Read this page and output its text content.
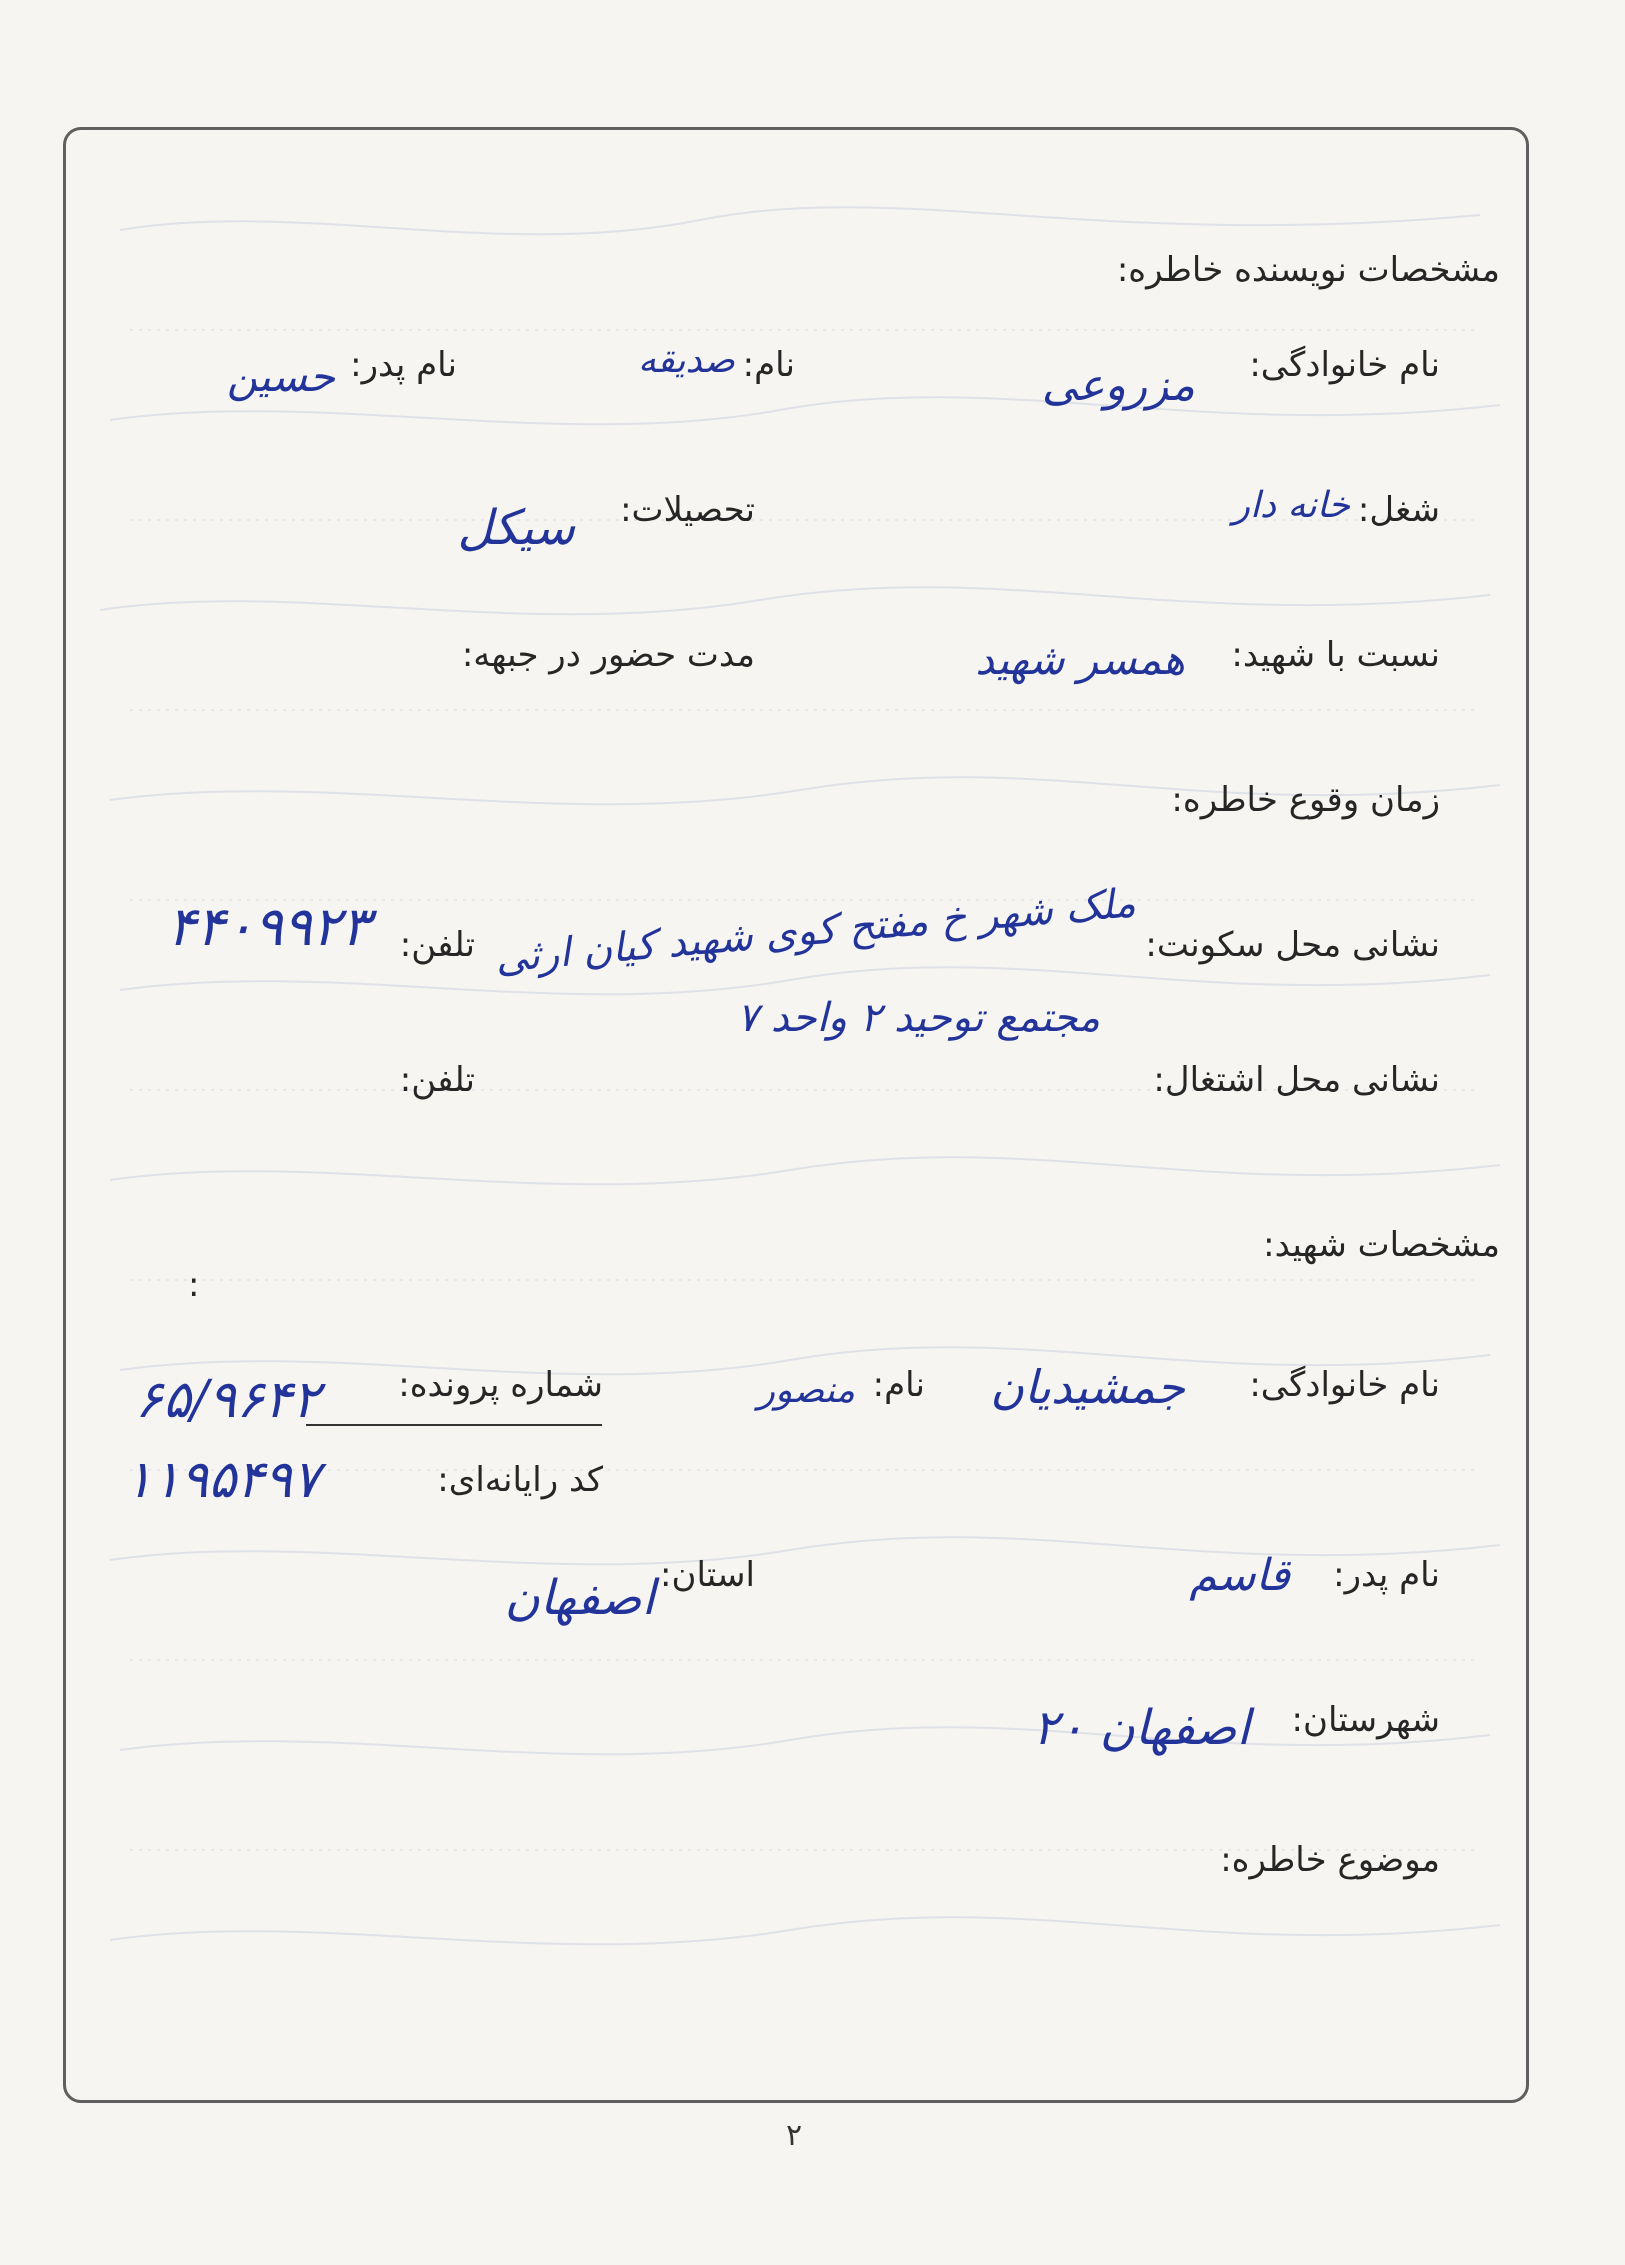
مشخصات نویسنده خاطره:
نام خانوادگی:
مزروعی
نام:
صدیقه
نام پدر:
حسین
شغل:
خانه دار
تحصیلات:
سیکل
نسبت با شهید:
همسر شهید
مدت حضور در جبهه:
زمان وقوع خاطره:
نشانی محل سکونت:
ملک شهر خ مفتح کوی شهید کیان ارثی
تلفن:
۴۴۰۹۹۲۳
مجتمع توحید ۲ واحد ۷
نشانی محل اشتغال:
تلفن:
مشخصات شهید:
:
نام خانوادگی:
جمشیدیان
نام:
منصور
شماره پرونده:
۶۵/۹۶۴۲
کد رایانه‌ای:
۱۱۹۵۴۹۷
نام پدر:
قاسم
استان:
اصفهان
شهرستان:
اصفهان ۲۰
موضوع خاطره:
۲
